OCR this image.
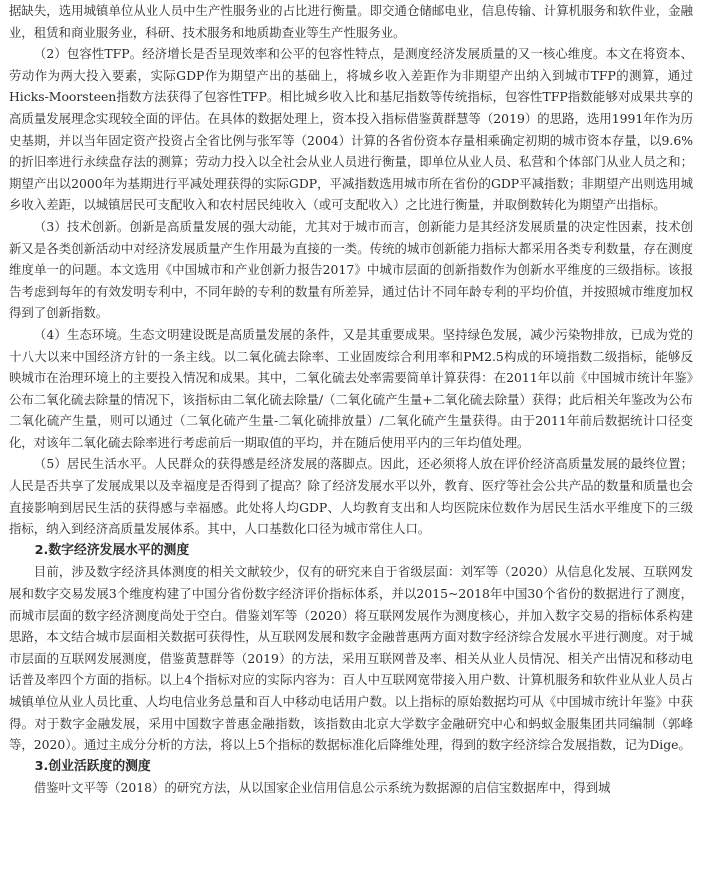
据缺失，选用城镇单位从业人员中生产性服务业的占比进行衡量。即交通仓储邮电业，信息传输、计算机服务和软件业，金融业，租赁和商业服务业，科研、技术服务和地质勘查业等生产性服务业。

（2）包容性TFP。经济增长是否呈现效率和公平的包容性特点，是测度经济发展质量的又一核心维度。本文在将资本、劳动作为两大投入要素，实际GDP作为期望产出的基础上，将城乡收入差距作为非期望产出纳入到城市TFP的测算，通过Hicks-Moorsteen指数方法获得了包容性TFP。相比城乡收入比和基尼指数等传统指标，包容性TFP指数能够对成果共享的高质量发展理念实现较全面的评估。在具体的数据处理上，资本投入指标借鉴黄群慧等（2019）的思路，选用1991年作为历史基期，并以当年固定资产投资占全省比例与张军等（2004）计算的各省份资本存量相乘确定初期的城市资本存量，以9.6%的折旧率进行永续盘存法的测算；劳动力投入以全社会从业人员进行衡量，即单位从业人员、私营和个体部门从业人员之和；期望产出以2000年为基期进行平减处理获得的实际GDP，平减指数选用城市所在省份的GDP平减指数；非期望产出则选用城乡收入差距，以城镇居民可支配收入和农村居民纯收入（或可支配收入）之比进行衡量，并取倒数转化为期望产出指标。

（3）技术创新。创新是高质量发展的强大动能，尤其对于城市而言，创新能力是其经济发展质量的决定性因素，技术创新又是各类创新活动中对经济发展质量产生作用最为直接的一类。传统的城市创新能力指标大都采用各类专利数量，存在测度维度单一的问题。本文选用《中国城市和产业创新力报告2017》中城市层面的创新指数作为创新水平维度的三级指标。该报告考虑到每年的有效发明专利中，不同年龄的专利的数量有所差异，通过估计不同年龄专利的平均价值，并按照城市维度加权得到了创新指数。

（4）生态环境。生态文明建设既是高质量发展的条件，又是其重要成果。坚持绿色发展，减少污染物排放，已成为党的十八大以来中国经济方针的一条主线。以二氧化硫去除率、工业固废综合利用率和PM2.5构成的环境指数二级指标，能够反映城市在治理环境上的主要投入情况和成果。其中，二氧化硫去处率需要简单计算获得：在2011年以前《中国城市统计年鉴》公布二氧化硫去除量的情况下，该指标由二氧化硫去除量/（二氧化硫产生量+二氧化硫去除量）获得；此后相关年鉴改为公布二氧化硫产生量，则可以通过（二氧化硫产生量-二氧化硫排放量）/二氧化硫产生量获得。由于2011年前后数据统计口径变化，对该年二氧化硫去除率进行考虑前后一期取值的平均，并在随后使用平内的三年均值处理。

（5）居民生活水平。人民群众的获得感是经济发展的落脚点。因此，还必须将人放在评价经济高质量发展的最终位置；人民是否共享了发展成果以及幸福度是否得到了提高？除了经济发展水平以外，教育、医疗等社会公共产品的数量和质量也会直接影响到居民生活的获得感与幸福感。此处将人均GDP、人均教育支出和人均医院床位数作为居民生活水平维度下的三级指标，纳入到经济高质量发展体系。其中，人口基数化口径为城市常住人口。

2.数字经济发展水平的测度

目前，涉及数字经济具体测度的相关文献较少，仅有的研究来自于省级层面：刘军等（2020）从信息化发展、互联网发展和数字交易发展3个维度构建了中国分省份数字经济评价指标体系，并以2015~2018年中国30个省份的数据进行了测度，而城市层面的数字经济测度尚处于空白。借鉴刘军等（2020）将互联网发展作为测度核心，并加入数字交易的指标体系构建思路，本文结合城市层面相关数据可获得性，从互联网发展和数字金融普惠两方面对数字经济综合发展水平进行测度。对于城市层面的互联网发展测度，借鉴黄慧群等（2019）的方法，采用互联网普及率、相关从业人员情况、相关产出情况和移动电话普及率四个方面的指标。以上4个指标对应的实际内容为：百人中互联网宽带接入用户数、计算机服务和软件业从业人员占城镇单位从业人员比重、人均电信业务总量和百人中移动电话用户数。以上指标的原始数据均可从《中国城市统计年鉴》中获得。对于数字金融发展，采用中国数字普惠金融指数，该指数由北京大学数字金融研究中心和蚂蚁金服集团共同编制（郭峰等，2020）。通过主成分分析的方法，将以上5个指标的数据标准化后降维处理，得到的数字经济综合发展指数，记为Dige。

3.创业活跃度的测度

借鉴叶文平等（2018）的研究方法，从以国家企业信用信息公示系统为数据源的启信宝数据库中，得到城
